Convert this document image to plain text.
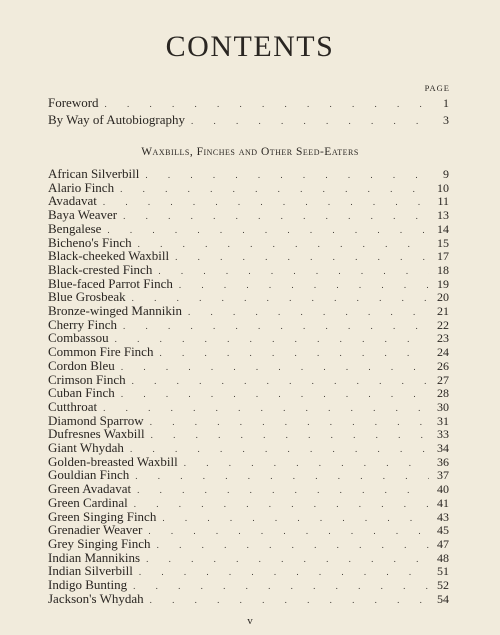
CONTENTS
PAGE
Foreword . . .	1
By Way of Autobiography . . .	3
Waxbills, Finches and Other Seed-Eaters
African Silverbill . . .	9
Alario Finch . . .	10
Avadavat . . .	11
Baya Weaver . . .	13
Bengalese . . .	14
Bicheno's Finch . . .	15
Black-cheeked Waxbill . . .	17
Black-crested Finch . . .	18
Blue-faced Parrot Finch . . .	19
Blue Grosbeak . . .	20
Bronze-winged Mannikin . . .	21
Cherry Finch . . .	22
Combassou . . .	23
Common Fire Finch . . .	24
Cordon Bleu . . .	26
Crimson Finch . . .	27
Cuban Finch . . .	28
Cutthroat . . .	30
Diamond Sparrow . . .	31
Dufresnes Waxbill . . .	33
Giant Whydah . . .	34
Golden-breasted Waxbill . . .	36
Gouldian Finch . . .	37
Green Avadavat . . .	40
Green Cardinal . . .	41
Green Singing Finch . . .	43
Grenadier Weaver . . .	45
Grey Singing Finch . . .	47
Indian Mannikins . . .	48
Indian Silverbill . . .	51
Indigo Bunting . . .	52
Jackson's Whydah . . .	54
v
